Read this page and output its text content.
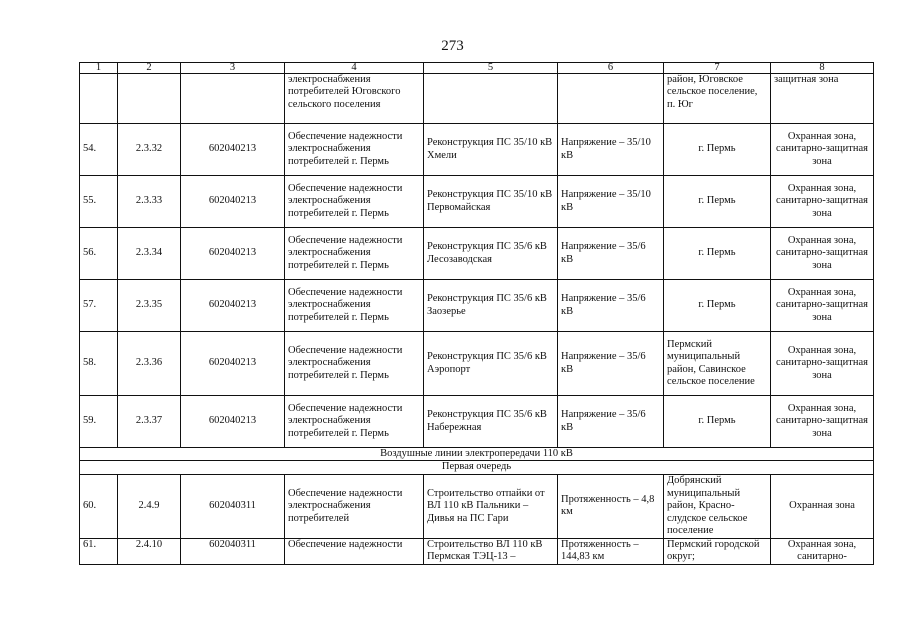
273
1	2	3	4	5	6	7	8
			электроснабжения потребителей Юговского сельского поселения			район, Юговское сельское поселение, п. Юг	защитная зона
54.	2.3.32	602040213	Обеспечение надежности электроснабжения потребителей г. Пермь	Реконструкция ПС 35/10 кВ Хмели	Напряжение – 35/10 кВ	г. Пермь	Охранная зона, санитарно-защитная зона
55.	2.3.33	602040213	Обеспечение надежности электроснабжения потребителей г. Пермь	Реконструкция ПС 35/10 кВ Первомайская	Напряжение – 35/10 кВ	г. Пермь	Охранная зона, санитарно-защитная зона
56.	2.3.34	602040213	Обеспечение надежности электроснабжения потребителей г. Пермь	Реконструкция ПС 35/6 кВ Лесозаводская	Напряжение – 35/6 кВ	г. Пермь	Охранная зона, санитарно-защитная зона
57.	2.3.35	602040213	Обеспечение надежности электроснабжения потребителей г. Пермь	Реконструкция ПС 35/6 кВ Заозерье	Напряжение – 35/6 кВ	г. Пермь	Охранная зона, санитарно-защитная зона
58.	2.3.36	602040213	Обеспечение надежности электроснабжения потребителей г. Пермь	Реконструкция ПС 35/6 кВ Аэропорт	Напряжение – 35/6 кВ	Пермский муниципальный район, Савинское сельское поселение	Охранная зона, санитарно-защитная зона
59.	2.3.37	602040213	Обеспечение надежности электроснабжения потребителей г. Пермь	Реконструкция ПС 35/6 кВ Набережная	Напряжение – 35/6 кВ	г. Пермь	Охранная зона, санитарно-защитная зона
Воздушные линии электропередачи 110 кВ							
Первая очередь							
60.	2.4.9	602040311	Обеспечение надежности электроснабжения потребителей	Строительство отпайки от ВЛ 110 кВ Пальники – Дивья на ПС Гари	Протяженность – 4,8 км	Добрянский муниципальный район, Красно-слудское сельское поселение	Охранная зона
61.	2.4.10	602040311	Обеспечение надежности	Строительство ВЛ 110 кВ Пермская ТЭЦ-13 –	Протяженность – 144,83 км	Пермский городской округ;	Охранная зона, санитарно-
